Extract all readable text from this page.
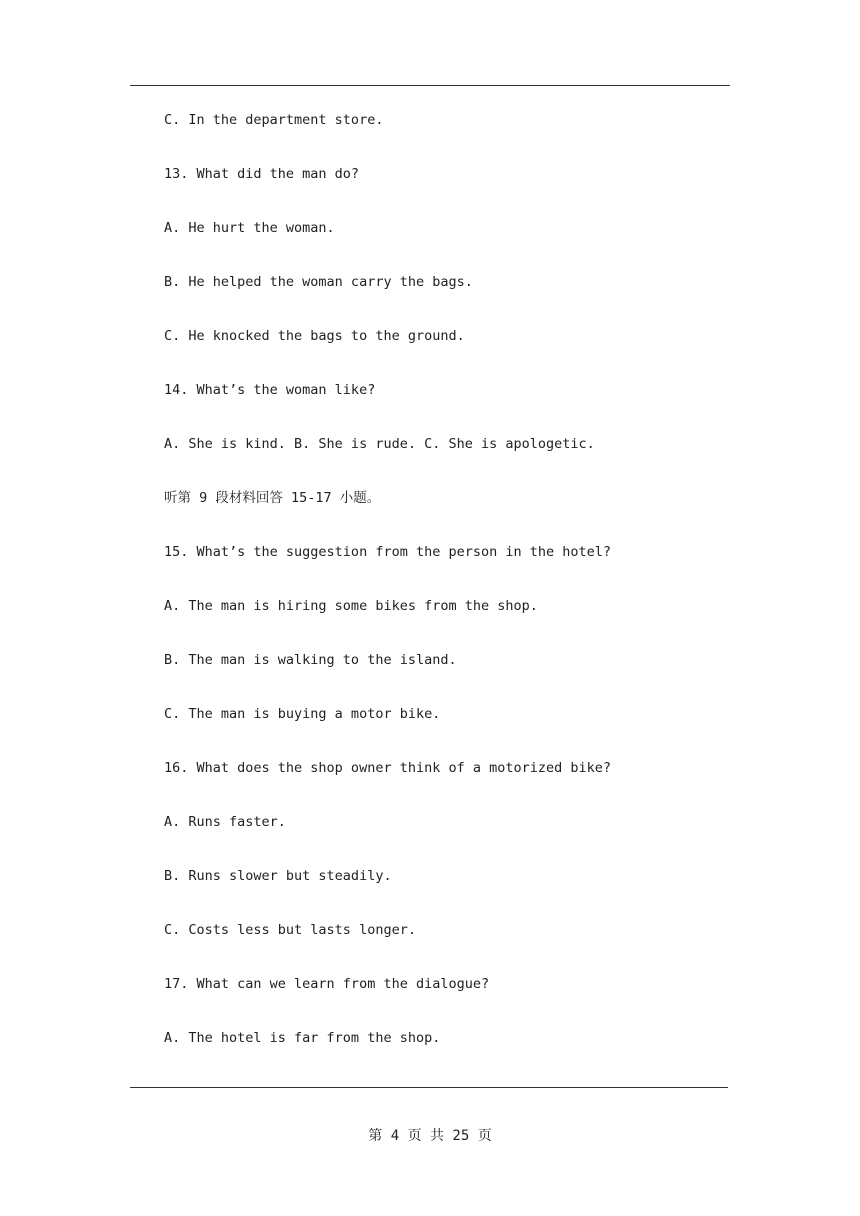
C. In the department store.
13. What did the man do?
A. He hurt the woman.
B. He helped the woman carry the bags.
C. He knocked the bags to the ground.
14. What’s the woman like?
A. She is kind. B. She is rude. C. She is apologetic.
听第 9 段材料回答 15-17 小题。
15. What’s the suggestion from the person in the hotel?
A. The man is hiring some bikes from the shop.
B. The man is walking to the island.
C. The man is buying a motor bike.
16. What does the shop owner think of a motorized bike?
A. Runs faster.
B. Runs slower but steadily.
C. Costs less but lasts longer.
17. What can we learn from the dialogue?
A. The hotel is far from the shop.
第 4 页 共 25 页
